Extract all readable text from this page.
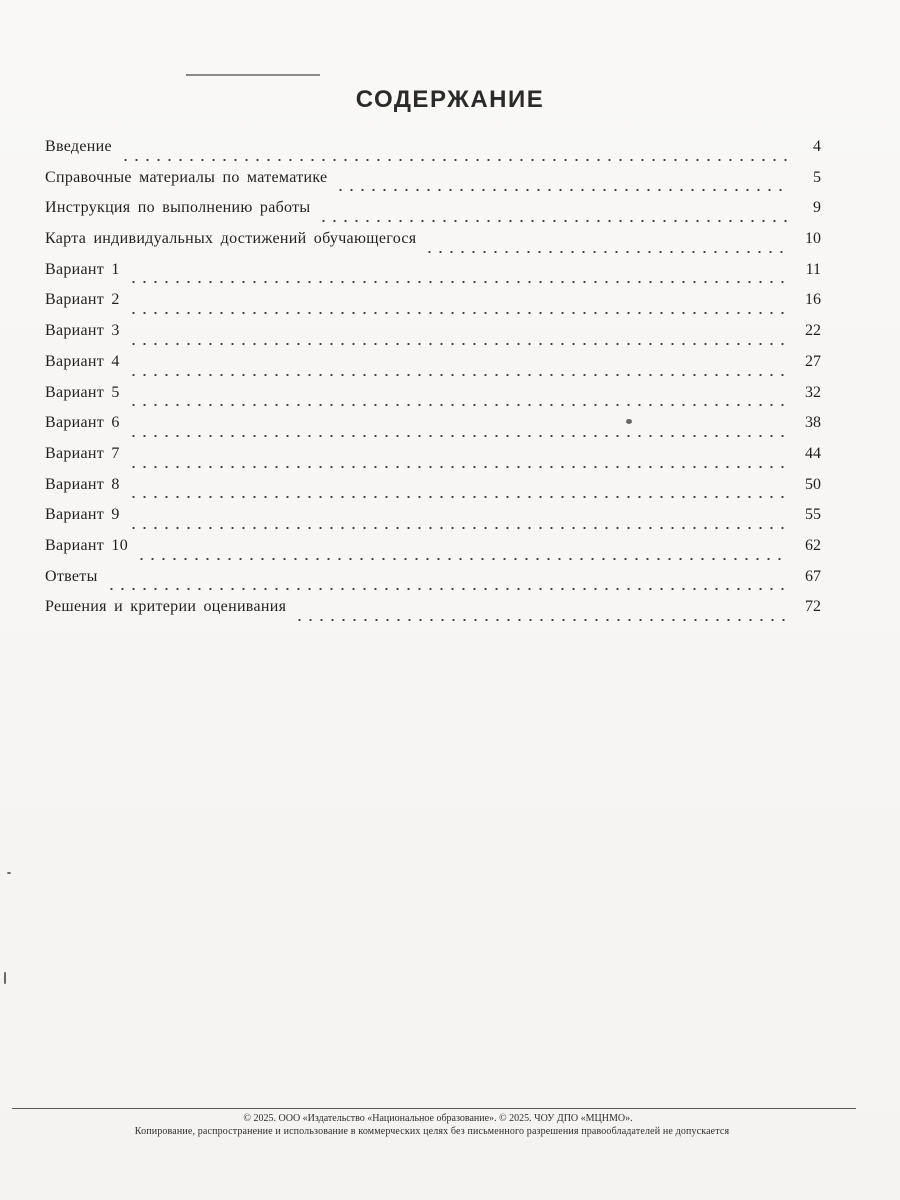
СОДЕРЖАНИЕ
Введение	4
Справочные материалы по математике	5
Инструкция по выполнению работы	9
Карта индивидуальных достижений обучающегося	10
Вариант 1	11
Вариант 2	16
Вариант 3	22
Вариант 4	27
Вариант 5	32
Вариант 6	38
Вариант 7	44
Вариант 8	50
Вариант 9	55
Вариант 10	62
Ответы	67
Решения и критерии оценивания	72
© 2025. ООО «Издательство «Национальное образование». © 2025. ЧОУ ДПО «МЦНМО».
Копирование, распространение и использование в коммерческих целях без письменного разрешения правообладателей не допускается
